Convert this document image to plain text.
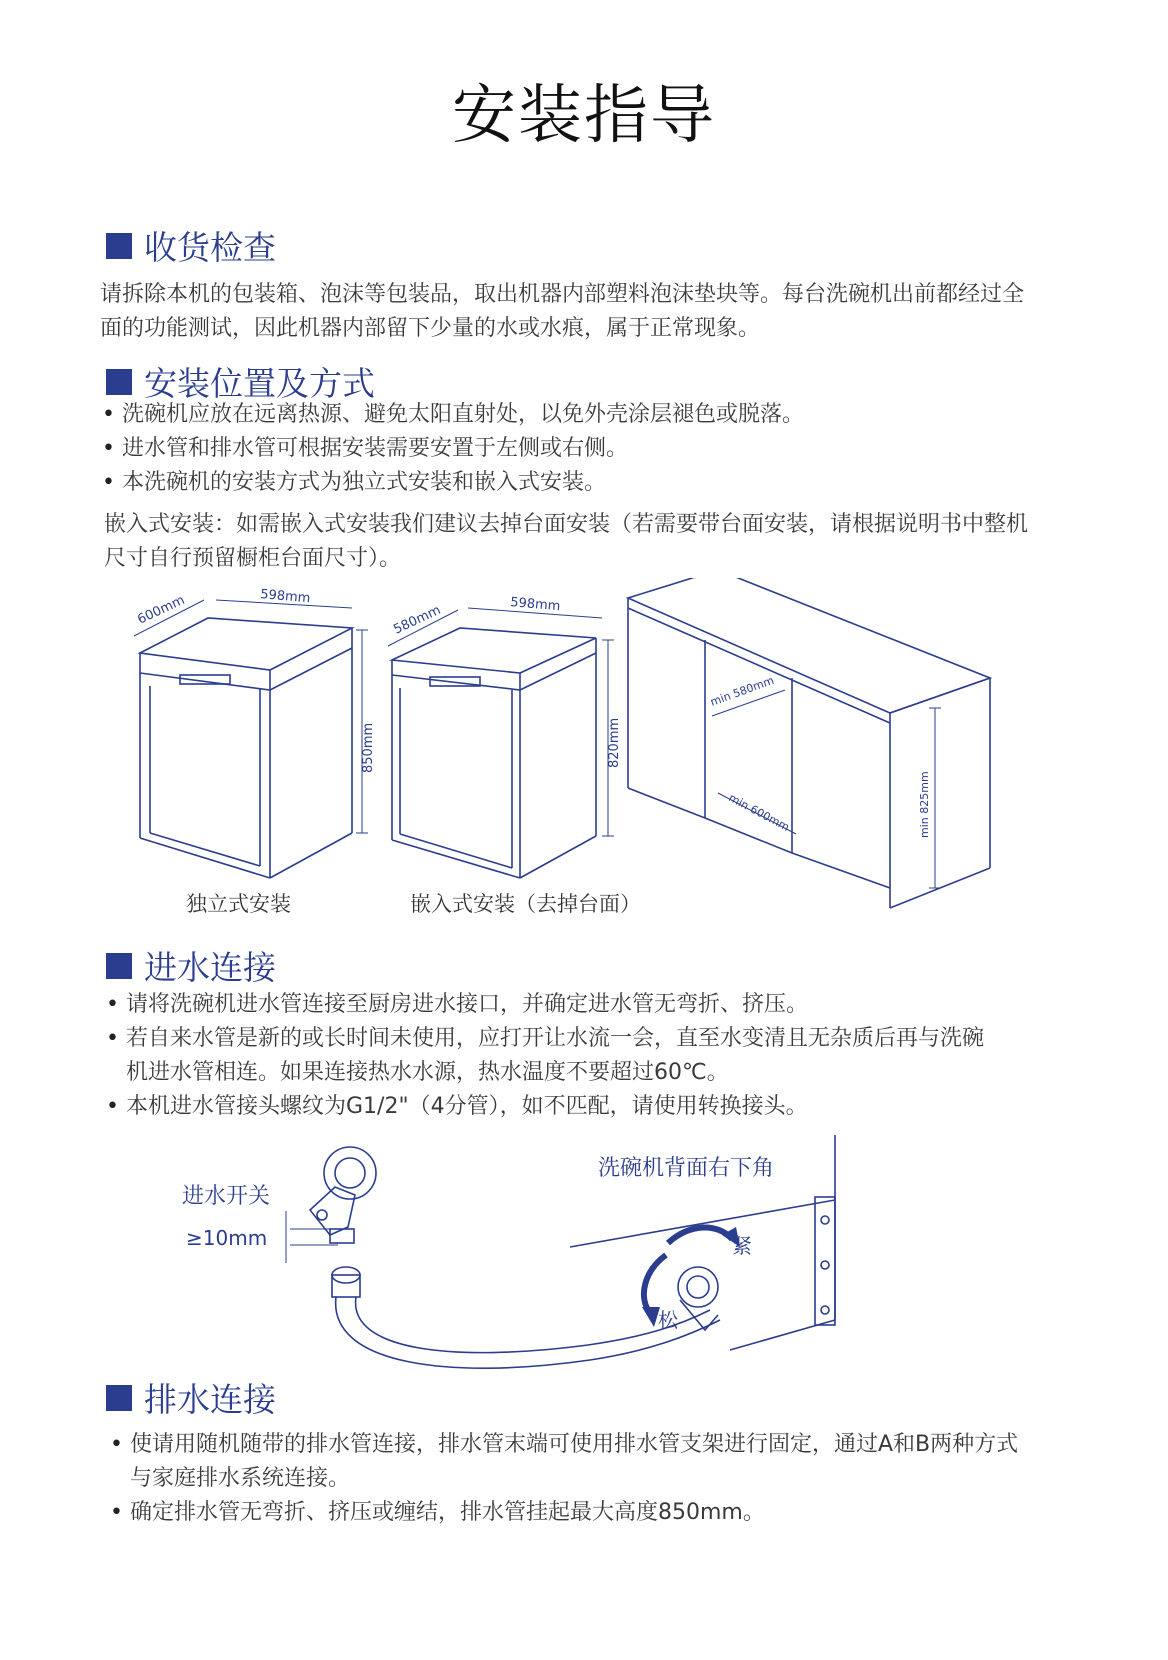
安装指导
收货检查
请拆除本机的包装箱、泡沫等包装品，取出机器内部塑料泡沫垫块等。每台洗碗机出前都经过全面的功能测试，因此机器内部留下少量的水或水痕，属于正常现象。
安装位置及方式
• 洗碗机应放在远离热源、避免太阳直射处，以免外壳涂层褪色或脱落。
• 进水管和排水管可根据安装需要安置于左侧或右侧。
• 本洗碗机的安装方式为独立式安装和嵌入式安装。
嵌入式安装：如需嵌入式安装我们建议去掉台面安装（若需要带台面安装，请根据说明书中整机尺寸自行预留橱柜台面尺寸）。
600mm	598mm
850mm
580mm	598mm
820mm
min 580mm
min 600mm	min 825mm
独立式安装	嵌入式安装（去掉台面）
进水连接
• 请将洗碗机进水管连接至厨房进水接口，并确定进水管无弯折、挤压。
• 若自来水管是新的或长时间未使用，应打开让水流一会，直至水变清且无杂质后再与洗碗机进水管相连。如果连接热水水源，热水温度不要超过60℃。
• 本机进水管接头螺纹为G1/2"（4分管），如不匹配，请使用转换接头。
进水开关
≥10mm
洗碗机背面右下角
紧
松
排水连接
• 使请用随机随带的排水管连接，排水管末端可使用排水管支架进行固定，通过A和B两种方式与家庭排水系统连接。
• 确定排水管无弯折、挤压或缠结，排水管挂起最大高度850mm。
